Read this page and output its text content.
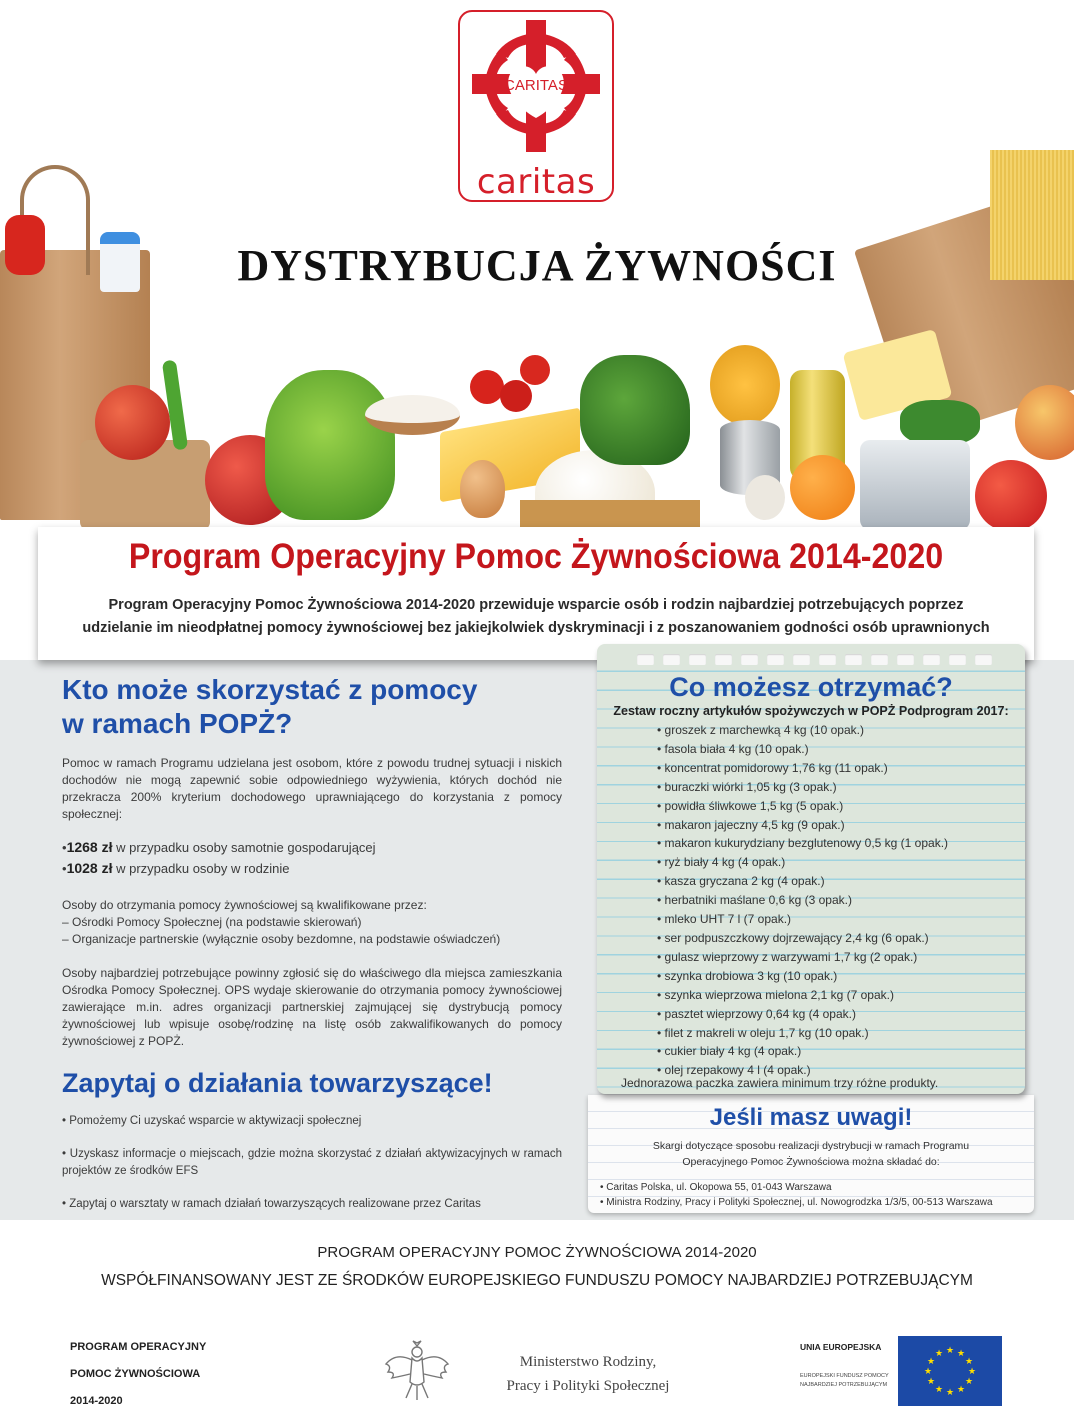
CARITAS
caritas
DYSTRYBUCJA ŻYWNOŚCI
Program Operacyjny Pomoc Żywnościowa 2014-2020
Program Operacyjny Pomoc Żywnościowa 2014-2020 przewiduje wsparcie osób i rodzin najbardziej potrzebujących poprzez
udzielanie im nieodpłatnej pomocy żywnościowej bez jakiejkolwiek dyskryminacji i z poszanowaniem godności osób uprawnionych
Kto może skorzystać z pomocy
w ramach POPŻ?

Pomoc w ramach Programu udzielana jest osobom, które z powodu trudnej sytuacji i niskich dochodów nie mogą zapewnić sobie odpowiedniego wyżywienia, których dochód nie przekracza 200% kryterium dochodowego uprawniającego do korzystania z pomocy społecznej:

•1268 zł w przypadku osoby samotnie gospodarującej
•1028 zł w przypadku osoby w rodzinie
Osoby do otrzymania pomocy żywnościowej są kwalifikowane przez:
– Ośrodki Pomocy Społecznej (na podstawie skierowań)
– Organizacje partnerskie (wyłącznie osoby bezdomne, na podstawie oświadczeń)

Osoby najbardziej potrzebujące powinny zgłosić się do właściwego dla miejsca zamieszkania Ośrodka Pomocy Społecznej. OPS wydaje skierowanie do otrzymania pomocy żywnościowej zawierające m.in. adres organizacji partnerskiej zajmującej się dystrybucją pomocy żywnościowej lub wpisuje osobę/rodzinę na listę osób zakwalifikowanych do pomocy żywnościowej z POPŻ.

Zapytaj o działania towarzyszące!
• Pomożemy Ci uzyskać wsparcie w aktywizacji społecznej
• Uzyskasz informacje o miejscach, gdzie można skorzystać z działań aktywizacyjnych w ramach projektów ze środków EFS
• Zapytaj o warsztaty w ramach działań towarzyszących realizowane przez Caritas
Co możesz otrzymać?
Zestaw roczny artykułów spożywczych w POPŻ Podprogram 2017:
• groszek z marchewką 4 kg (10 opak.)
• fasola biała 4 kg (10 opak.)
• koncentrat pomidorowy 1,76 kg (11 opak.)
• buraczki wiórki 1,05 kg (3 opak.)
• powidła śliwkowe 1,5 kg (5 opak.)
• makaron jajeczny 4,5 kg (9 opak.)
• makaron kukurydziany bezglutenowy 0,5 kg (1 opak.)
• ryż biały 4 kg (4 opak.)
• kasza gryczana 2 kg (4 opak.)
• herbatniki maślane 0,6 kg (3 opak.)
• mleko UHT 7 l (7 opak.)
• ser podpuszczkowy dojrzewający 2,4 kg (6 opak.)
• gulasz wieprzowy z warzywami 1,7 kg (2 opak.)
• szynka drobiowa 3 kg (10 opak.)
• szynka wieprzowa mielona 2,1 kg (7 opak.)
• pasztet wieprzowy 0,64 kg (4 opak.)
• filet z makreli w oleju 1,7 kg (10 opak.)
• cukier biały 4 kg (4 opak.)
• olej rzepakowy 4 l (4 opak.)
Jednorazowa paczka zawiera minimum trzy różne produkty.
Jeśli masz uwagi!
Skargi dotyczące sposobu realizacji dystrybucji w ramach Programu
Operacyjnego Pomoc Żywnościowa można składać do:
• Caritas Polska, ul. Okopowa 55, 01-043 Warszawa
• Ministra Rodziny, Pracy i Polityki Społecznej, ul. Nowogrodzka 1/3/5, 00-513 Warszawa
PROGRAM OPERACYJNY POMOC ŻYWNOŚCIOWA 2014-2020
WSPÓŁFINANSOWANY JEST ZE ŚRODKÓW EUROPEJSKIEGO FUNDUSZU POMOCY NAJBARDZIEJ POTRZEBUJĄCYM
PROGRAM OPERACYJNY
POMOC ŻYWNOŚCIOWA
2014-2020
Ministerstwo Rodziny,
Pracy i Polityki Społecznej
UNIA EUROPEJSKA
EUROPEJSKI FUNDUSZ POMOCY
NAJBARDZIEJ POTRZEBUJĄCYM
★ ★
★
★
★
★
★
★
★
★
★
★
